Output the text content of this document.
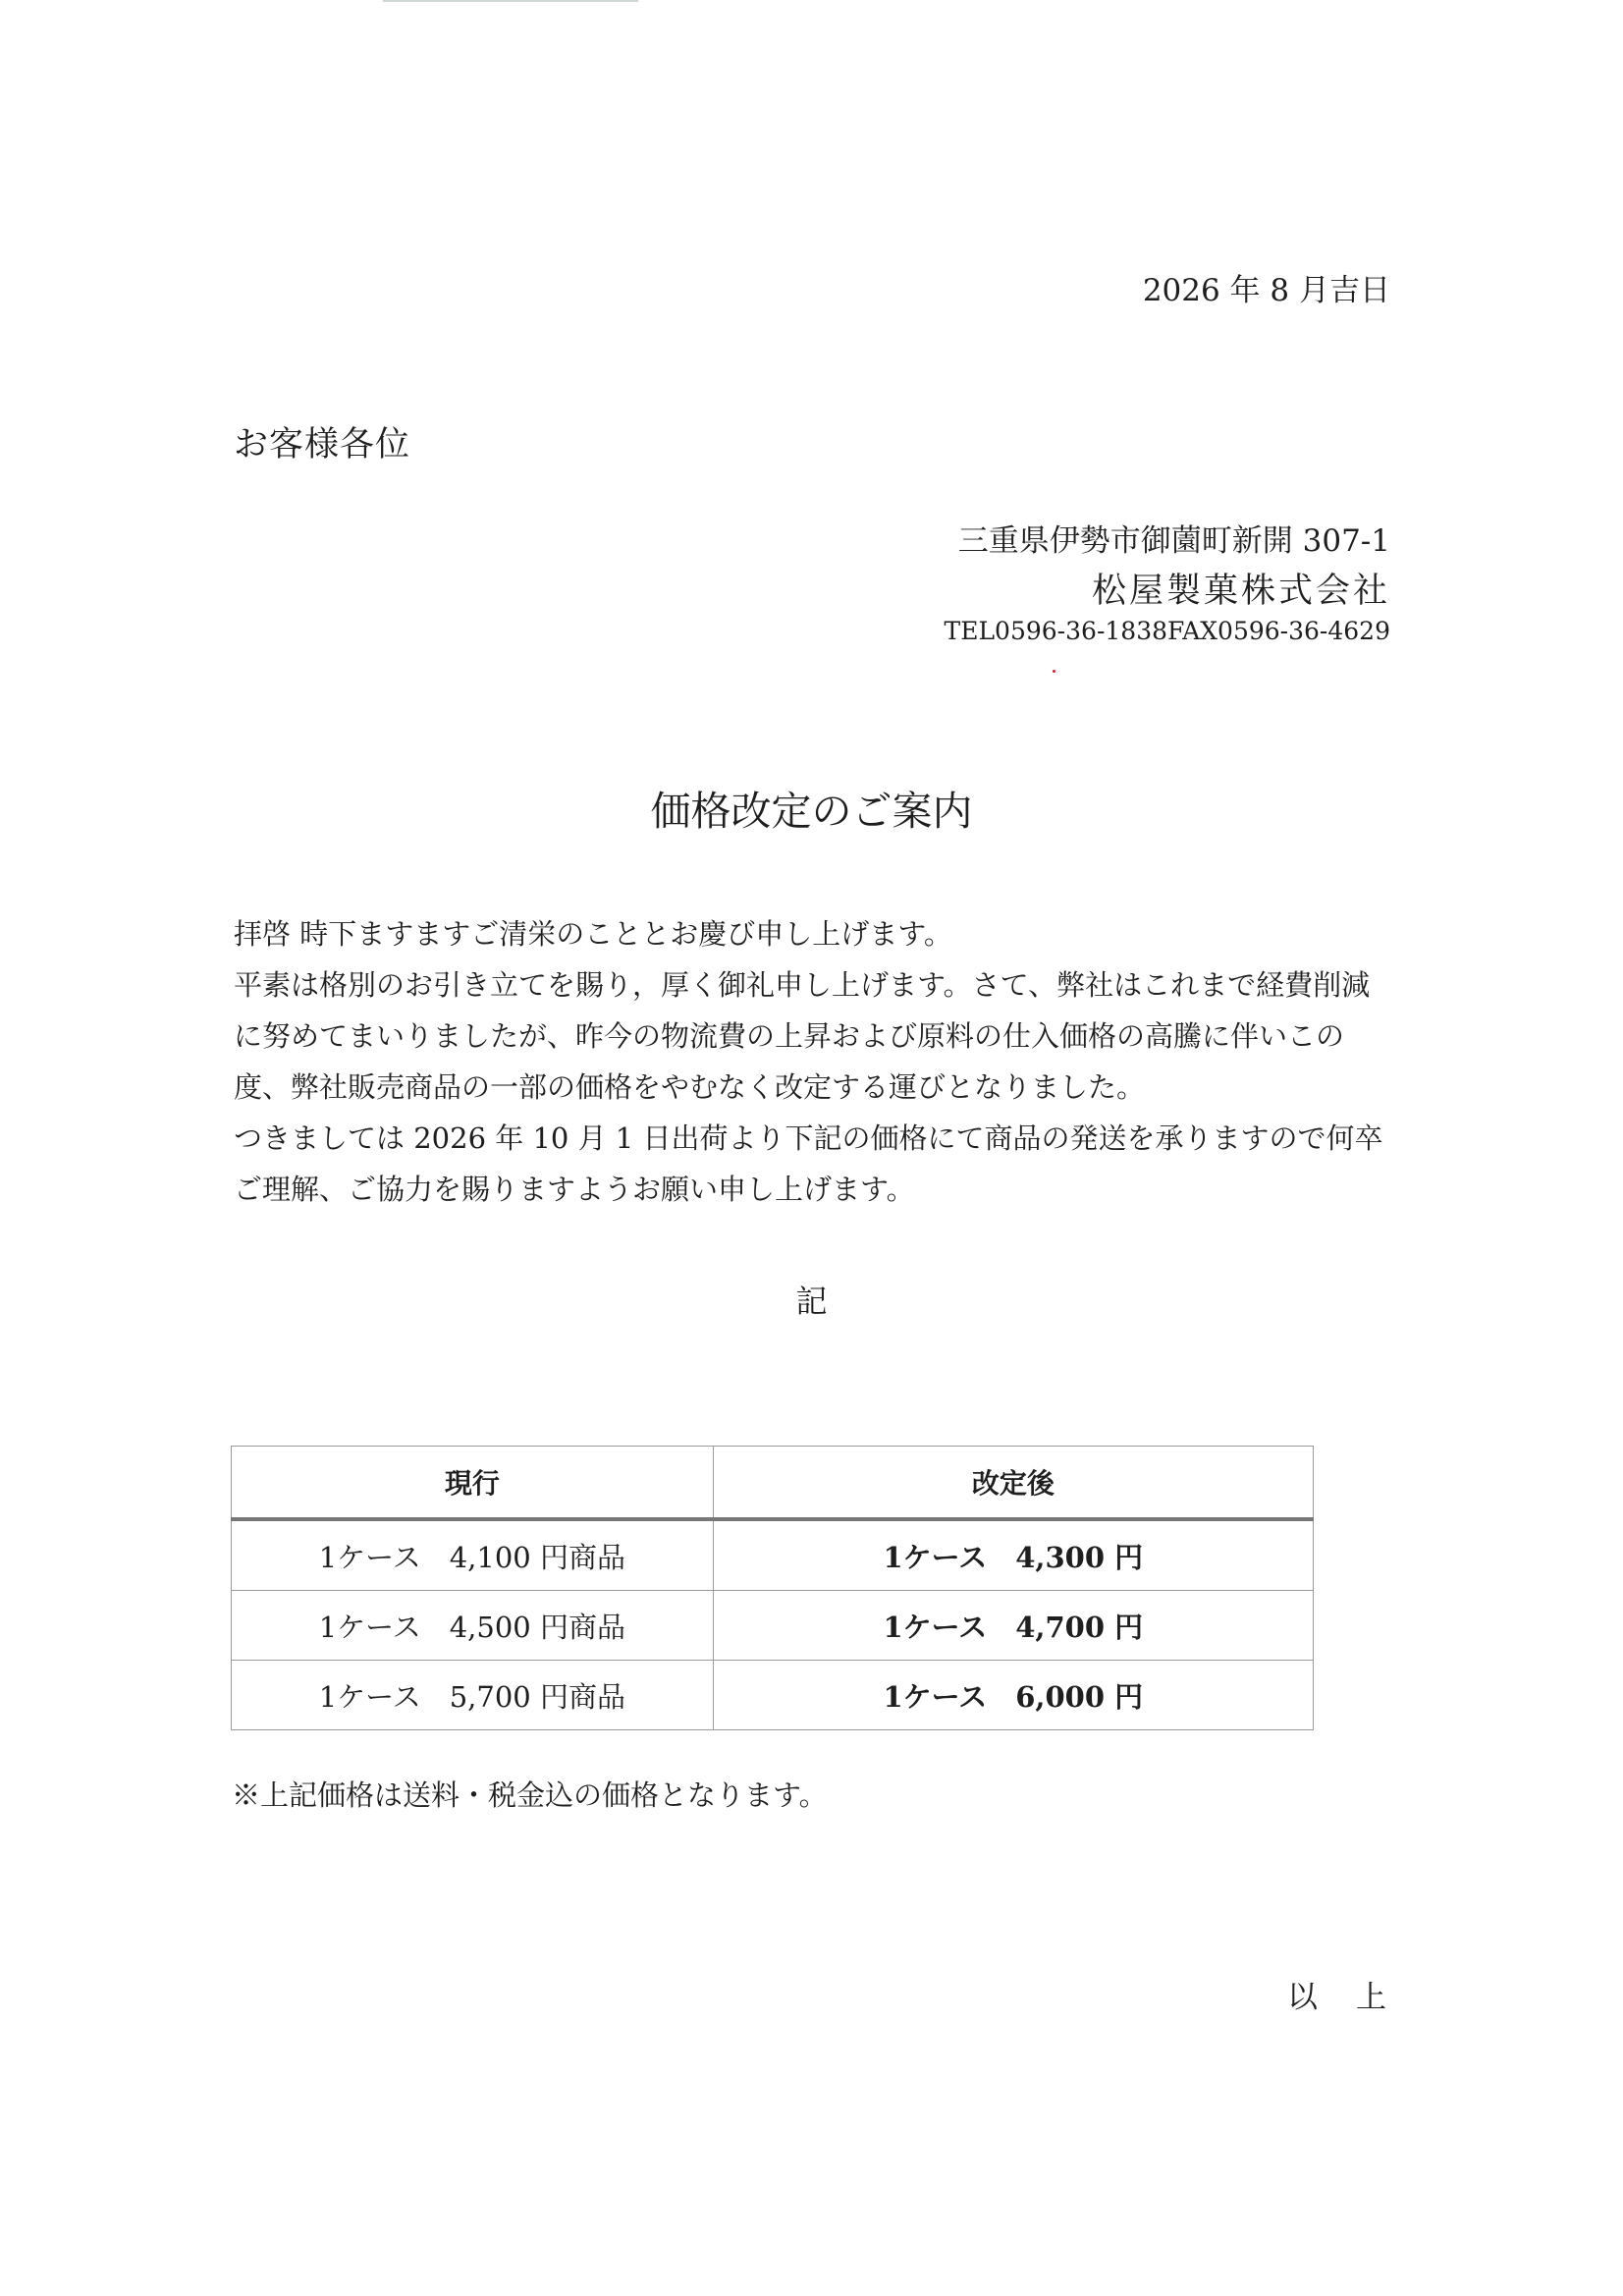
2026 年 8 月吉日
お客様各位
三重県伊勢市御薗町新開 307-1
松屋製菓株式会社
TEL0596-36-1838FAX0596-36-4629
価格改定のご案内

拝啓 時下ますますご清栄のこととお慶び申し上げます。

平素は格別のお引き立てを賜り，厚く御礼申し上げます。さて、弊社はこれまで経費削減に努めてまいりましたが、昨今の物流費の上昇および原料の仕入価格の高騰に伴いこの度、弊社販売商品の一部の価格をやむなく改定する運びとなりました。

つきましては 2026 年 10 月 1 日出荷より下記の価格にて商品の発送を承りますので何卒ご理解、ご協力を賜りますようお願い申し上げます。

記
現行	改定後
1ケース　4,100 円商品	1ケース　4,300 円
1ケース　4,500 円商品	1ケース　4,700 円
1ケース　5,700 円商品	1ケース　6,000 円
※上記価格は送料・税金込の価格となります。
以　上
